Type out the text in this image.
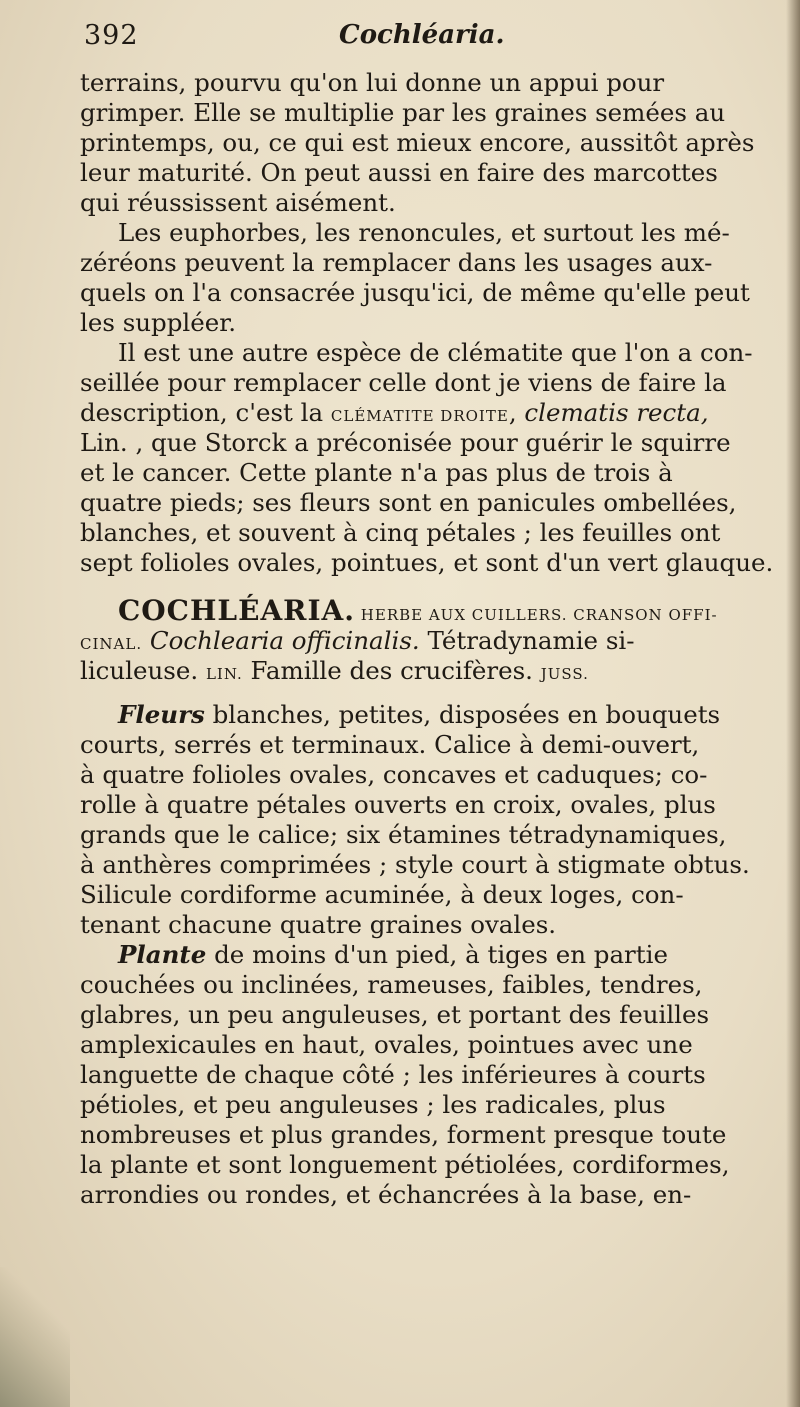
392	Cochléaria.
terrains, pourvu qu'on lui donne un appui pour
grimper. Elle se multiplie par les graines semées au
printemps, ou, ce qui est mieux encore, aussitôt après
leur maturité. On peut aussi en faire des marcottes
qui réussissent aisément.
Les euphorbes, les renoncules, et surtout les mé-
zéréons peuvent la remplacer dans les usages aux-
quels on l'a consacrée jusqu'ici, de même qu'elle peut
les suppléer.
Il est une autre espèce de clématite que l'on a con-
seillée pour remplacer celle dont je viens de faire la
description, c'est la CLÉMATITE DROITE, clematis recta,
Lin. , que Storck a préconisée pour guérir le squirre
et le cancer. Cette plante n'a pas plus de trois à
quatre pieds; ses fleurs sont en panicules ombellées,
blanches, et souvent à cinq pétales ; les feuilles ont
sept folioles ovales, pointues, et sont d'un vert glauque.
COCHLÉARIA. HERBE AUX CUILLERS. CRANSON OFFI-
CINAL. Cochlearia officinalis. Tétradynamie si-
liculeuse. LIN. Famille des crucifères. JUSS.
Fleurs blanches, petites, disposées en bouquets
courts, serrés et terminaux. Calice à demi-ouvert,
à quatre folioles ovales, concaves et caduques; co-
rolle à quatre pétales ouverts en croix, ovales, plus
grands que le calice; six étamines tétradynamiques,
à anthères comprimées ; style court à stigmate obtus.
Silicule cordiforme acuminée, à deux loges, con-
tenant chacune quatre graines ovales.
Plante de moins d'un pied, à tiges en partie
couchées ou inclinées, rameuses, faibles, tendres,
glabres, un peu anguleuses, et portant des feuilles
amplexicaules en haut, ovales, pointues avec une
languette de chaque côté ; les inférieures à courts
pétioles, et peu anguleuses ; les radicales, plus
nombreuses et plus grandes, forment presque toute
la plante et sont longuement pétiolées, cordiformes,
arrondies ou rondes, et échancrées à la base, en-
